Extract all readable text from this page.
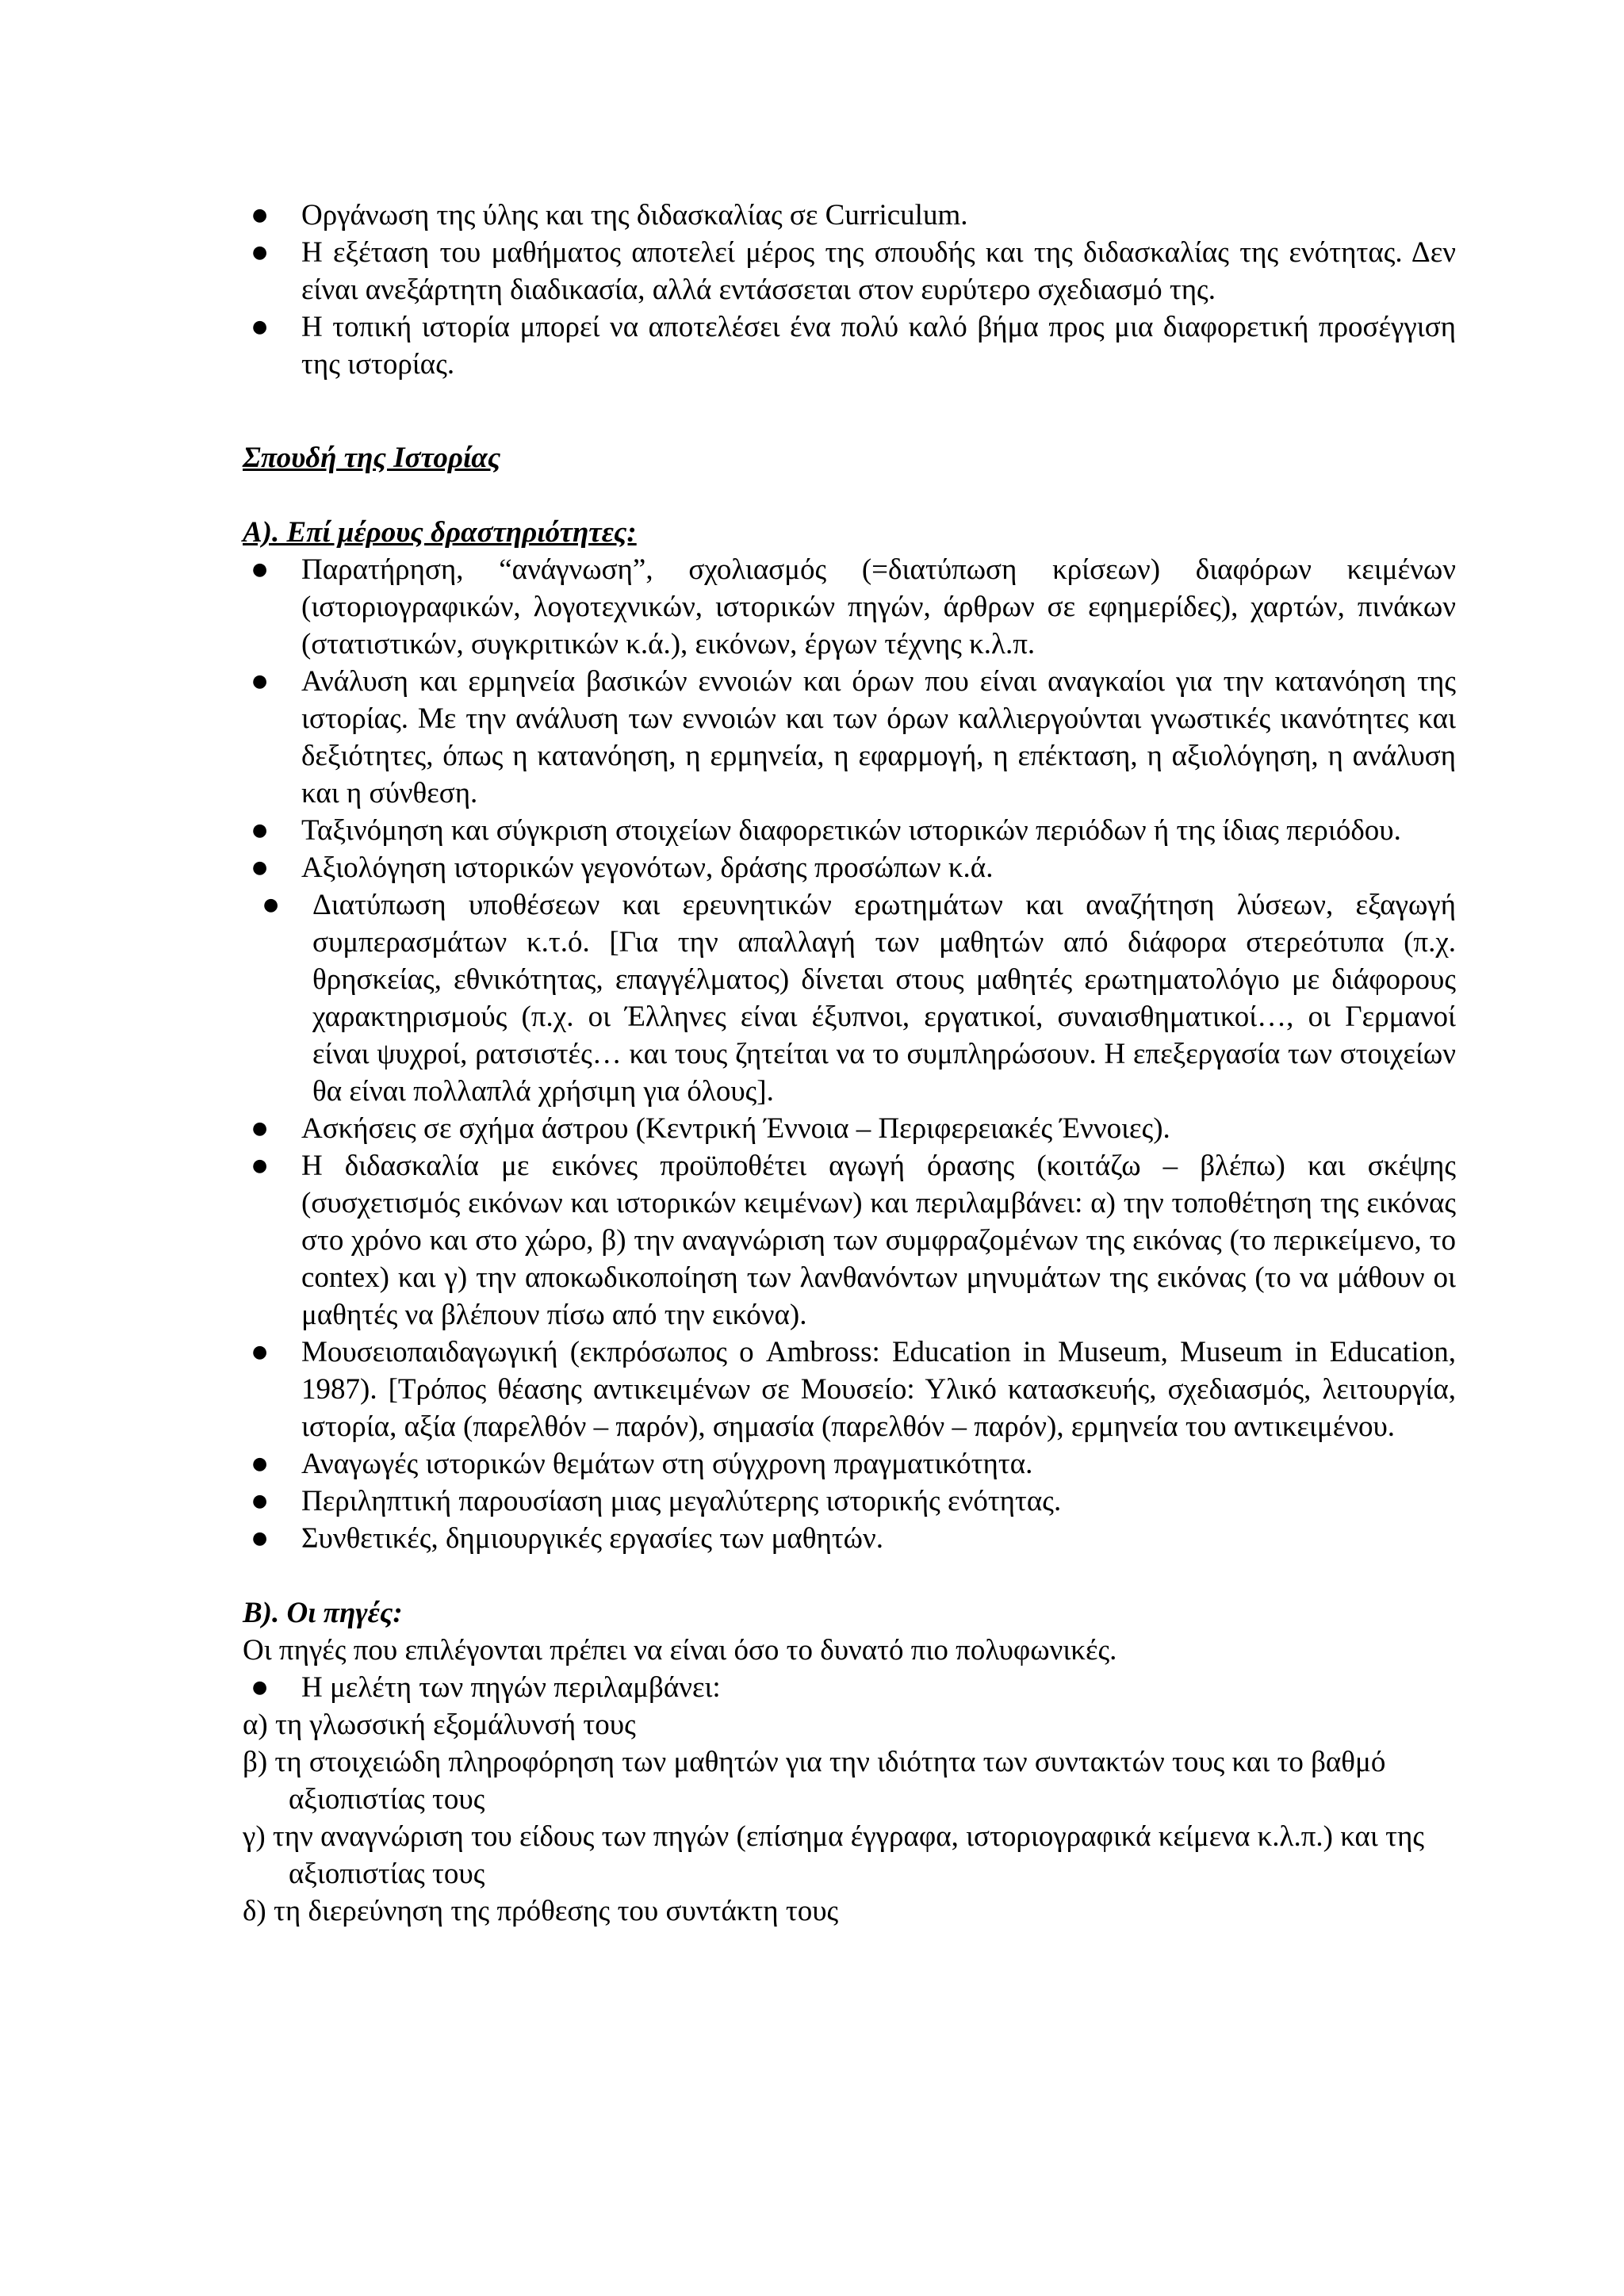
● Οργάνωση της ύλης και της διδασκαλίας σε Curriculum.
● Η εξέταση του μαθήματος αποτελεί μέρος της σπουδής και της διδασκαλίας της ενότητας. Δεν είναι ανεξάρτητη διαδικασία, αλλά εντάσσεται στον ευρύτερο σχεδιασμό της.
● Η τοπική ιστορία μπορεί να αποτελέσει ένα πολύ καλό βήμα προς μια διαφορετική προσέγγιση της ιστορίας.

Σπουδή της Ιστορίας

Α). Επί μέρους δραστηριότητες:

● Παρατήρηση, “ανάγνωση”, σχολιασμός (=διατύπωση κρίσεων) διαφόρων κειμένων (ιστοριογραφικών, λογοτεχνικών, ιστορικών πηγών, άρθρων σε εφημερίδες), χαρτών, πινάκων (στατιστικών, συγκριτικών κ.ά.), εικόνων, έργων τέχνης κ.λ.π.
● Ανάλυση και ερμηνεία βασικών εννοιών και όρων που είναι αναγκαίοι για την κατανόηση της ιστορίας. Με την ανάλυση των εννοιών και των όρων καλλιεργούνται γνωστικές ικανότητες και δεξιότητες, όπως η κατανόηση, η ερμηνεία, η εφαρμογή, η επέκταση, η αξιολόγηση, η ανάλυση και η σύνθεση.
● Ταξινόμηση και σύγκριση στοιχείων διαφορετικών ιστορικών περιόδων ή της ίδιας περιόδου.
● Αξιολόγηση ιστορικών γεγονότων, δράσης προσώπων κ.ά.
● Διατύπωση υποθέσεων και ερευνητικών ερωτημάτων και αναζήτηση λύσεων, εξαγωγή συμπερασμάτων κ.τ.ό. [Για την απαλλαγή των μαθητών από διάφορα στερεότυπα (π.χ. θρησκείας, εθνικότητας, επαγγέλματος) δίνεται στους μαθητές ερωτηματολόγιο με διάφορους χαρακτηρισμούς (π.χ. οι Έλληνες είναι έξυπνοι, εργατικοί, συναισθηματικοί…, οι Γερμανοί είναι ψυχροί, ρατσιστές… και τους ζητείται να το συμπληρώσουν. Η επεξεργασία των στοιχείων θα είναι πολλαπλά χρήσιμη για όλους].
● Ασκήσεις σε σχήμα άστρου (Κεντρική Έννοια – Περιφερειακές Έννοιες).
● Η διδασκαλία με εικόνες προϋποθέτει αγωγή όρασης (κοιτάζω – βλέπω) και σκέψης (συσχετισμός εικόνων και ιστορικών κειμένων) και περιλαμβάνει: α) την τοποθέτηση της εικόνας στο χρόνο και στο χώρο, β) την αναγνώριση των συμφραζομένων της εικόνας (το περικείμενο, το contex) και γ) την αποκωδικοποίηση των λανθανόντων μηνυμάτων της εικόνας (το να μάθουν οι μαθητές να βλέπουν πίσω από την εικόνα).
● Μουσειοπαιδαγωγική (εκπρόσωπος ο Ambross: Education in Museum, Museum in Education, 1987). [Τρόπος θέασης αντικειμένων σε Μουσείο: Υλικό κατασκευής, σχεδιασμός, λειτουργία, ιστορία, αξία (παρελθόν – παρόν), σημασία (παρελθόν – παρόν), ερμηνεία του αντικειμένου.
● Αναγωγές ιστορικών θεμάτων στη σύγχρονη πραγματικότητα.
● Περιληπτική παρουσίαση μιας μεγαλύτερης ιστορικής ενότητας.
● Συνθετικές, δημιουργικές εργασίες των μαθητών.

Β). Οι πηγές:

Οι πηγές που επιλέγονται πρέπει να είναι όσο το δυνατό πιο πολυφωνικές.

● Η μελέτη των πηγών περιλαμβάνει:

α) τη γλωσσική εξομάλυνσή τους

β) τη στοιχειώδη πληροφόρηση των μαθητών για την ιδιότητα των συντακτών τους και το βαθμό αξιοπιστίας τους

γ) την αναγνώριση του είδους των πηγών (επίσημα έγγραφα, ιστοριογραφικά κείμενα κ.λ.π.) και της αξιοπιστίας τους

δ) τη διερεύνηση της πρόθεσης του συντάκτη τους
